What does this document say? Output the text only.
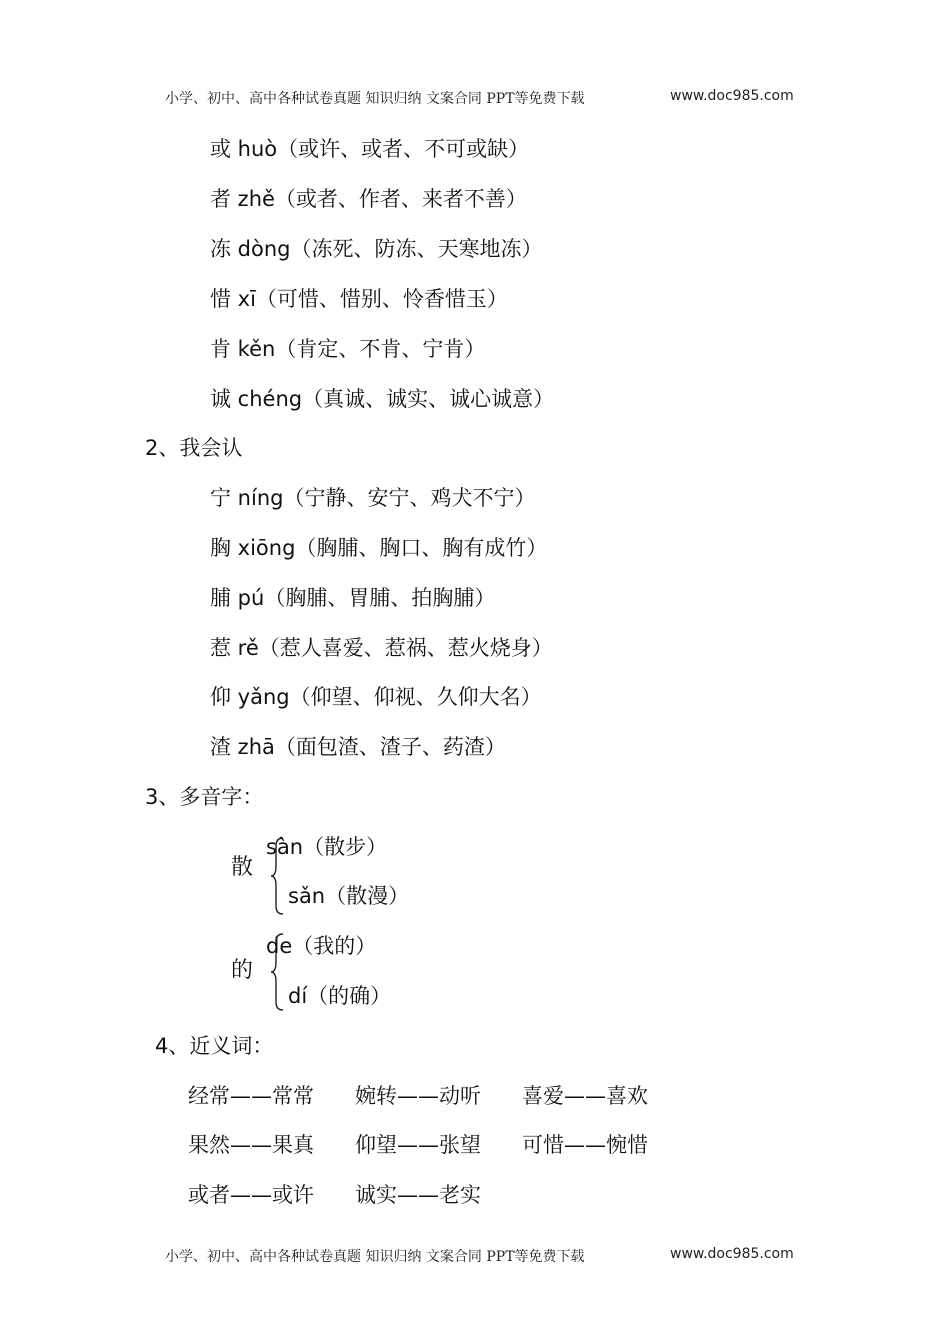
小学、初中、高中各种试卷真题 知识归纳 文案合同 PPT等免费下载	www.doc985.com
或 huò（或许、或者、不可或缺）
者 zhě（或者、作者、来者不善）
冻 dòng（冻死、防冻、天寒地冻）
惜 xī（可惜、惜别、怜香惜玉）
肯 kěn（肯定、不肯、宁肯）
诚 chéng（真诚、诚实、诚心诚意）
2、我会认
宁 níng（宁静、安宁、鸡犬不宁）
胸 xiōng（胸脯、胸口、胸有成竹）
脯 pú（胸脯、胃脯、拍胸脯）
惹 rě（惹人喜爱、惹祸、惹火烧身）
仰 yǎng（仰望、仰视、久仰大名）
渣 zhā（面包渣、渣子、药渣）
3、多音字：
散
sàn（散步）
sǎn（散漫）
的
de（我的）
dí（的确）
4、近义词：
经常——常常 婉转——动听 喜爱——喜欢
果然——果真 仰望——张望 可惜——惋惜
或者——或许 诚实——老实
小学、初中、高中各种试卷真题 知识归纳 文案合同 PPT等免费下载	www.doc985.com
